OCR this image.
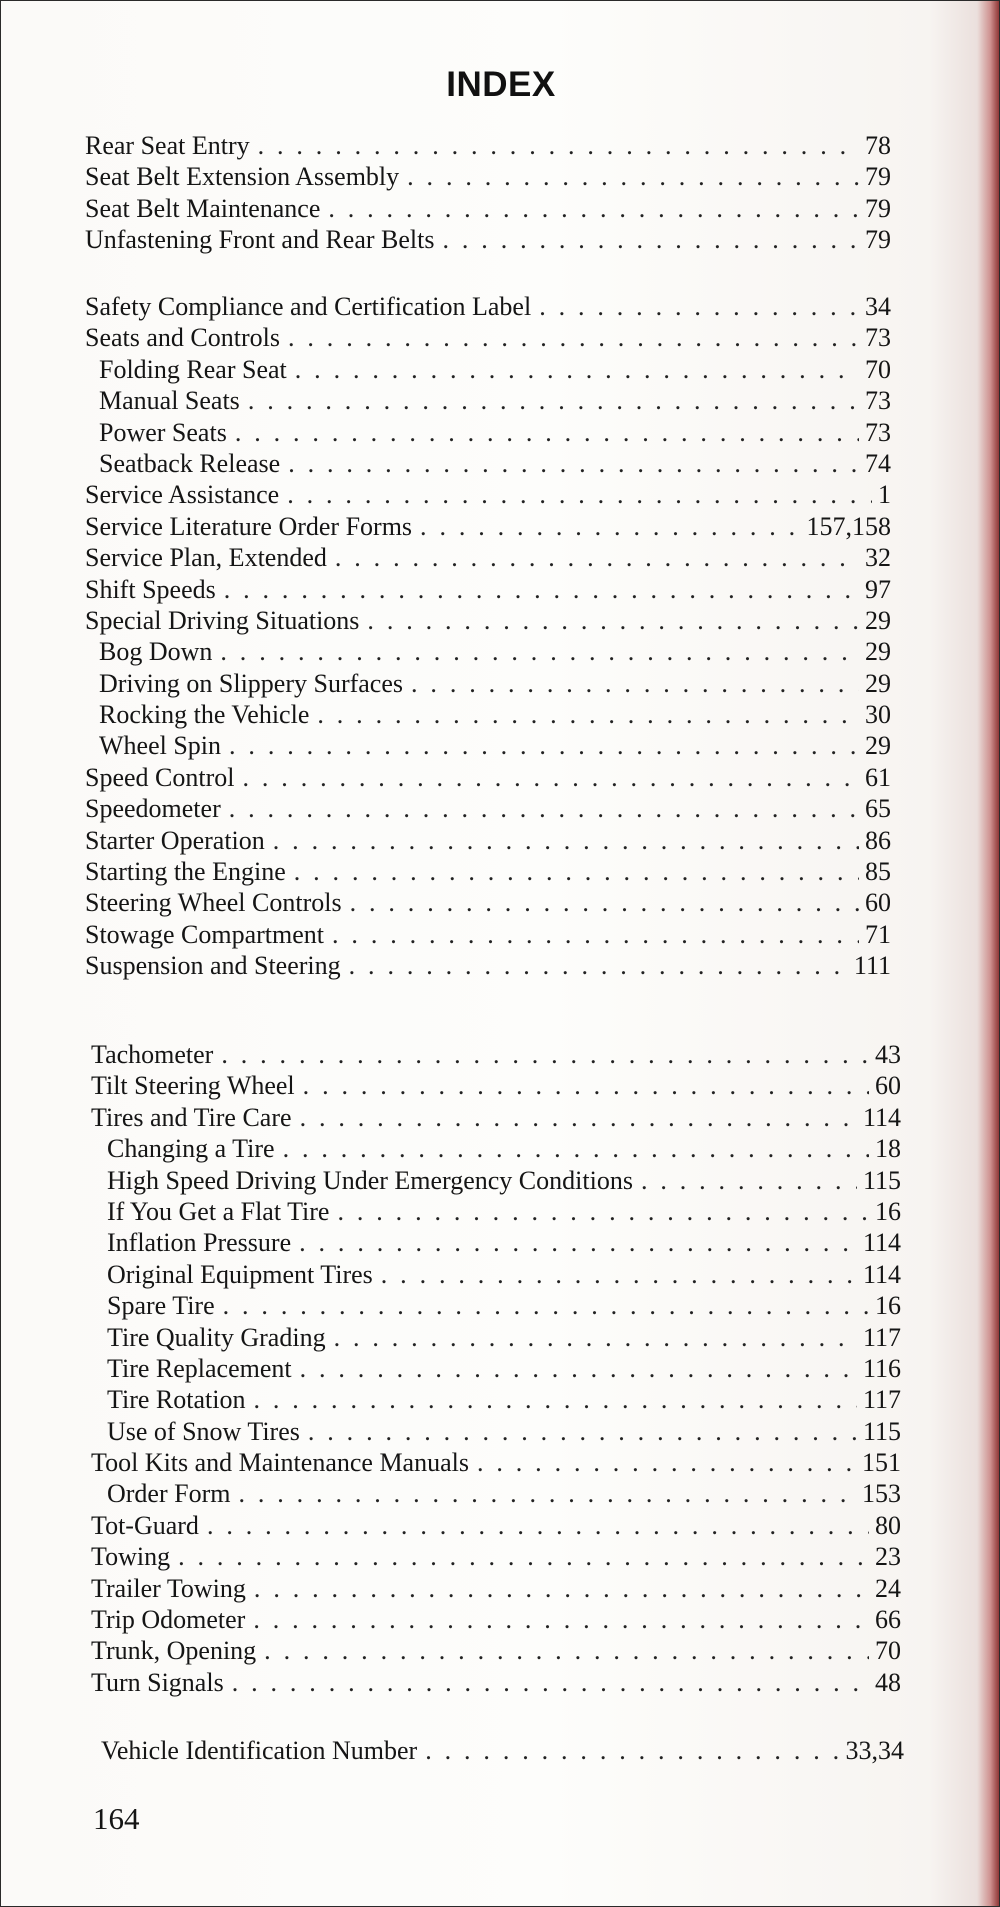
INDEX
Rear Seat Entry . . .	78
Seat Belt Extension Assembly . . .	79
Seat Belt Maintenance . . .	79
Unfastening Front and Rear Belts . . .	79
Safety Compliance and Certification Label . . .	34
Seats and Controls . . .	73
Folding Rear Seat . . .	70
Manual Seats . . .	73
Power Seats . . .	73
Seatback Release . . .	74
Service Assistance . . .	1
Service Literature Order Forms . . .	157,158
Service Plan, Extended . . .	32
Shift Speeds . . .	97
Special Driving Situations . . .	29
Bog Down . . .	29
Driving on Slippery Surfaces . . .	29
Rocking the Vehicle . . .	30
Wheel Spin . . .	29
Speed Control . . .	61
Speedometer . . .	65
Starter Operation . . .	86
Starting the Engine . . .	85
Steering Wheel Controls . . .	60
Stowage Compartment . . .	71
Suspension and Steering . . .	111
Tachometer . . .	43
Tilt Steering Wheel . . .	60
Tires and Tire Care . . .	114
Changing a Tire . . .	18
High Speed Driving Under Emergency Conditions . . .	115
If You Get a Flat Tire . . .	16
Inflation Pressure . . .	114
Original Equipment Tires . . .	114
Spare Tire . . .	16
Tire Quality Grading . . .	117
Tire Replacement . . .	116
Tire Rotation . . .	117
Use of Snow Tires . . .	115
Tool Kits and Maintenance Manuals . . .	151
Order Form . . .	153
Tot-Guard . . .	80
Towing . . .	23
Trailer Towing . . .	24
Trip Odometer . . .	66
Trunk, Opening . . .	70
Turn Signals . . .	48
Vehicle Identification Number . . .	33,34
164
